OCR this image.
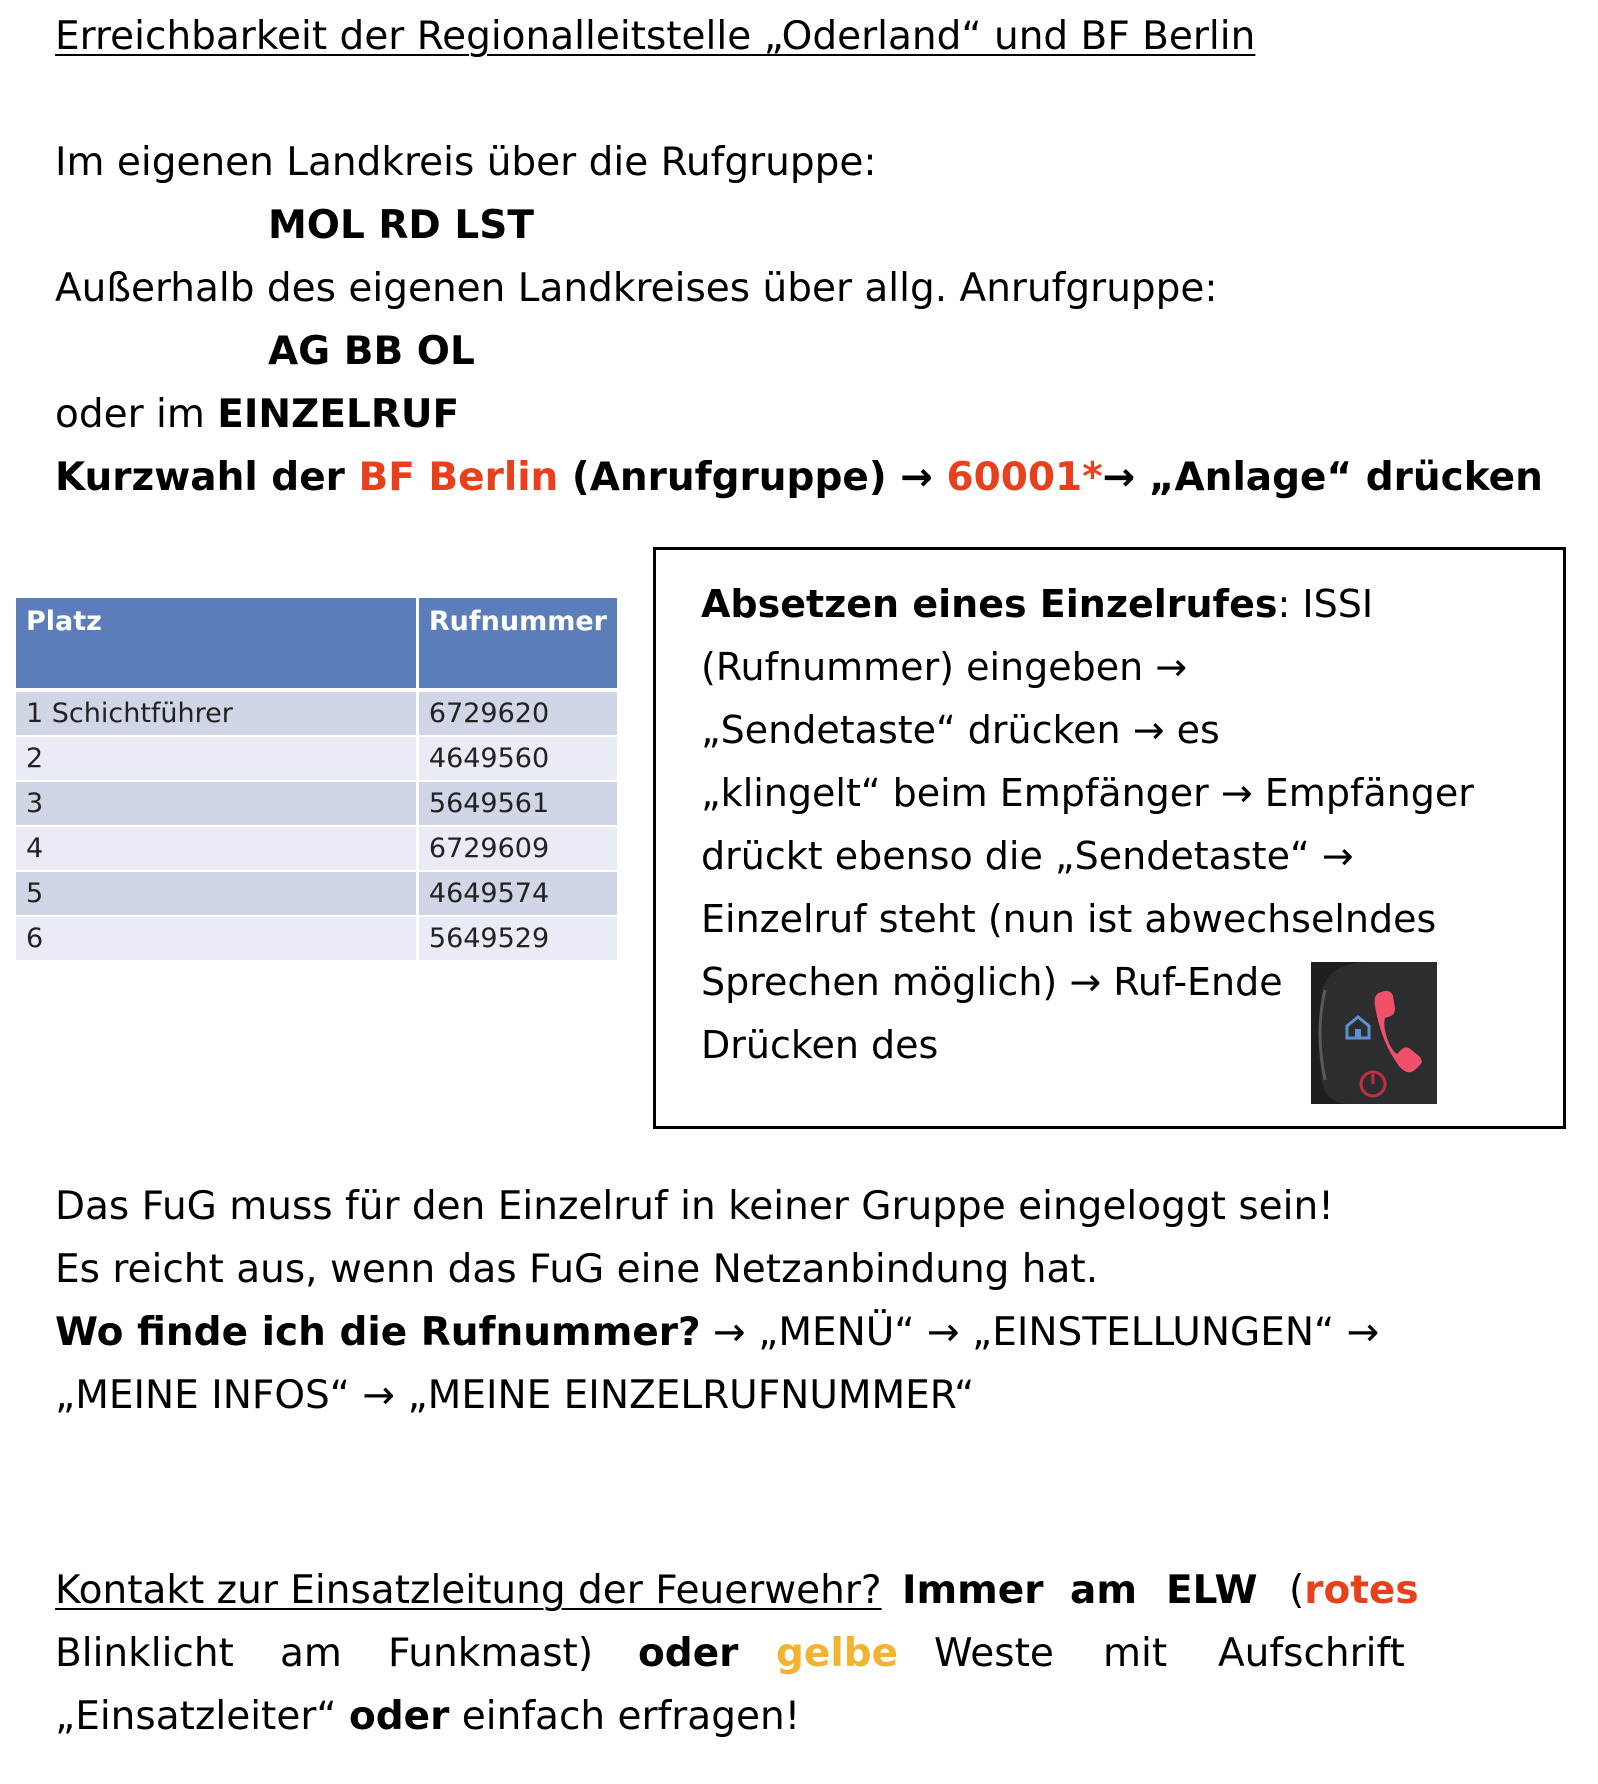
Erreichbarkeit der Regionalleitstelle „Oderland“ und BF Berlin
Im eigenen Landkreis über die Rufgruppe:
MOL RD LST
Außerhalb des eigenen Landkreises über allg. Anrufgruppe:
AG BB OL
oder im EINZELRUF
Kurzwahl der BF Berlin (Anrufgruppe) → 60001*→ „Anlage“ drücken
Platz	Rufnummer
1 Schichtführer	6729620
2	4649560
3	5649561
4	6729609
5	4649574
6	5649529
Absetzen eines Einzelrufes: ISSI
(Rufnummer) eingeben →
„Sendetaste“ drücken → es
„klingelt“ beim Empfänger → Empfänger
drückt ebenso die „Sendetaste“ →
Einzelruf steht (nun ist abwechselndes
Sprechen möglich) → Ruf-Ende
Drücken des
Das FuG muss für den Einzelruf in keiner Gruppe eingeloggt sein!
Es reicht aus, wenn das FuG eine Netzanbindung hat.
Wo finde ich die Rufnummer? → „MENÜ“ → „EINSTELLUNGEN“ →
„MEINE INFOS“ → „MEINE EINZELRUFNUMMER“
Kontakt zur Einsatzleitung der Feuerwehr? Immer am ELW (rotes
Blinklicht am Funkmast) oder gelbe Weste mit Aufschrift
„Einsatzleiter“ oder einfach erfragen!
